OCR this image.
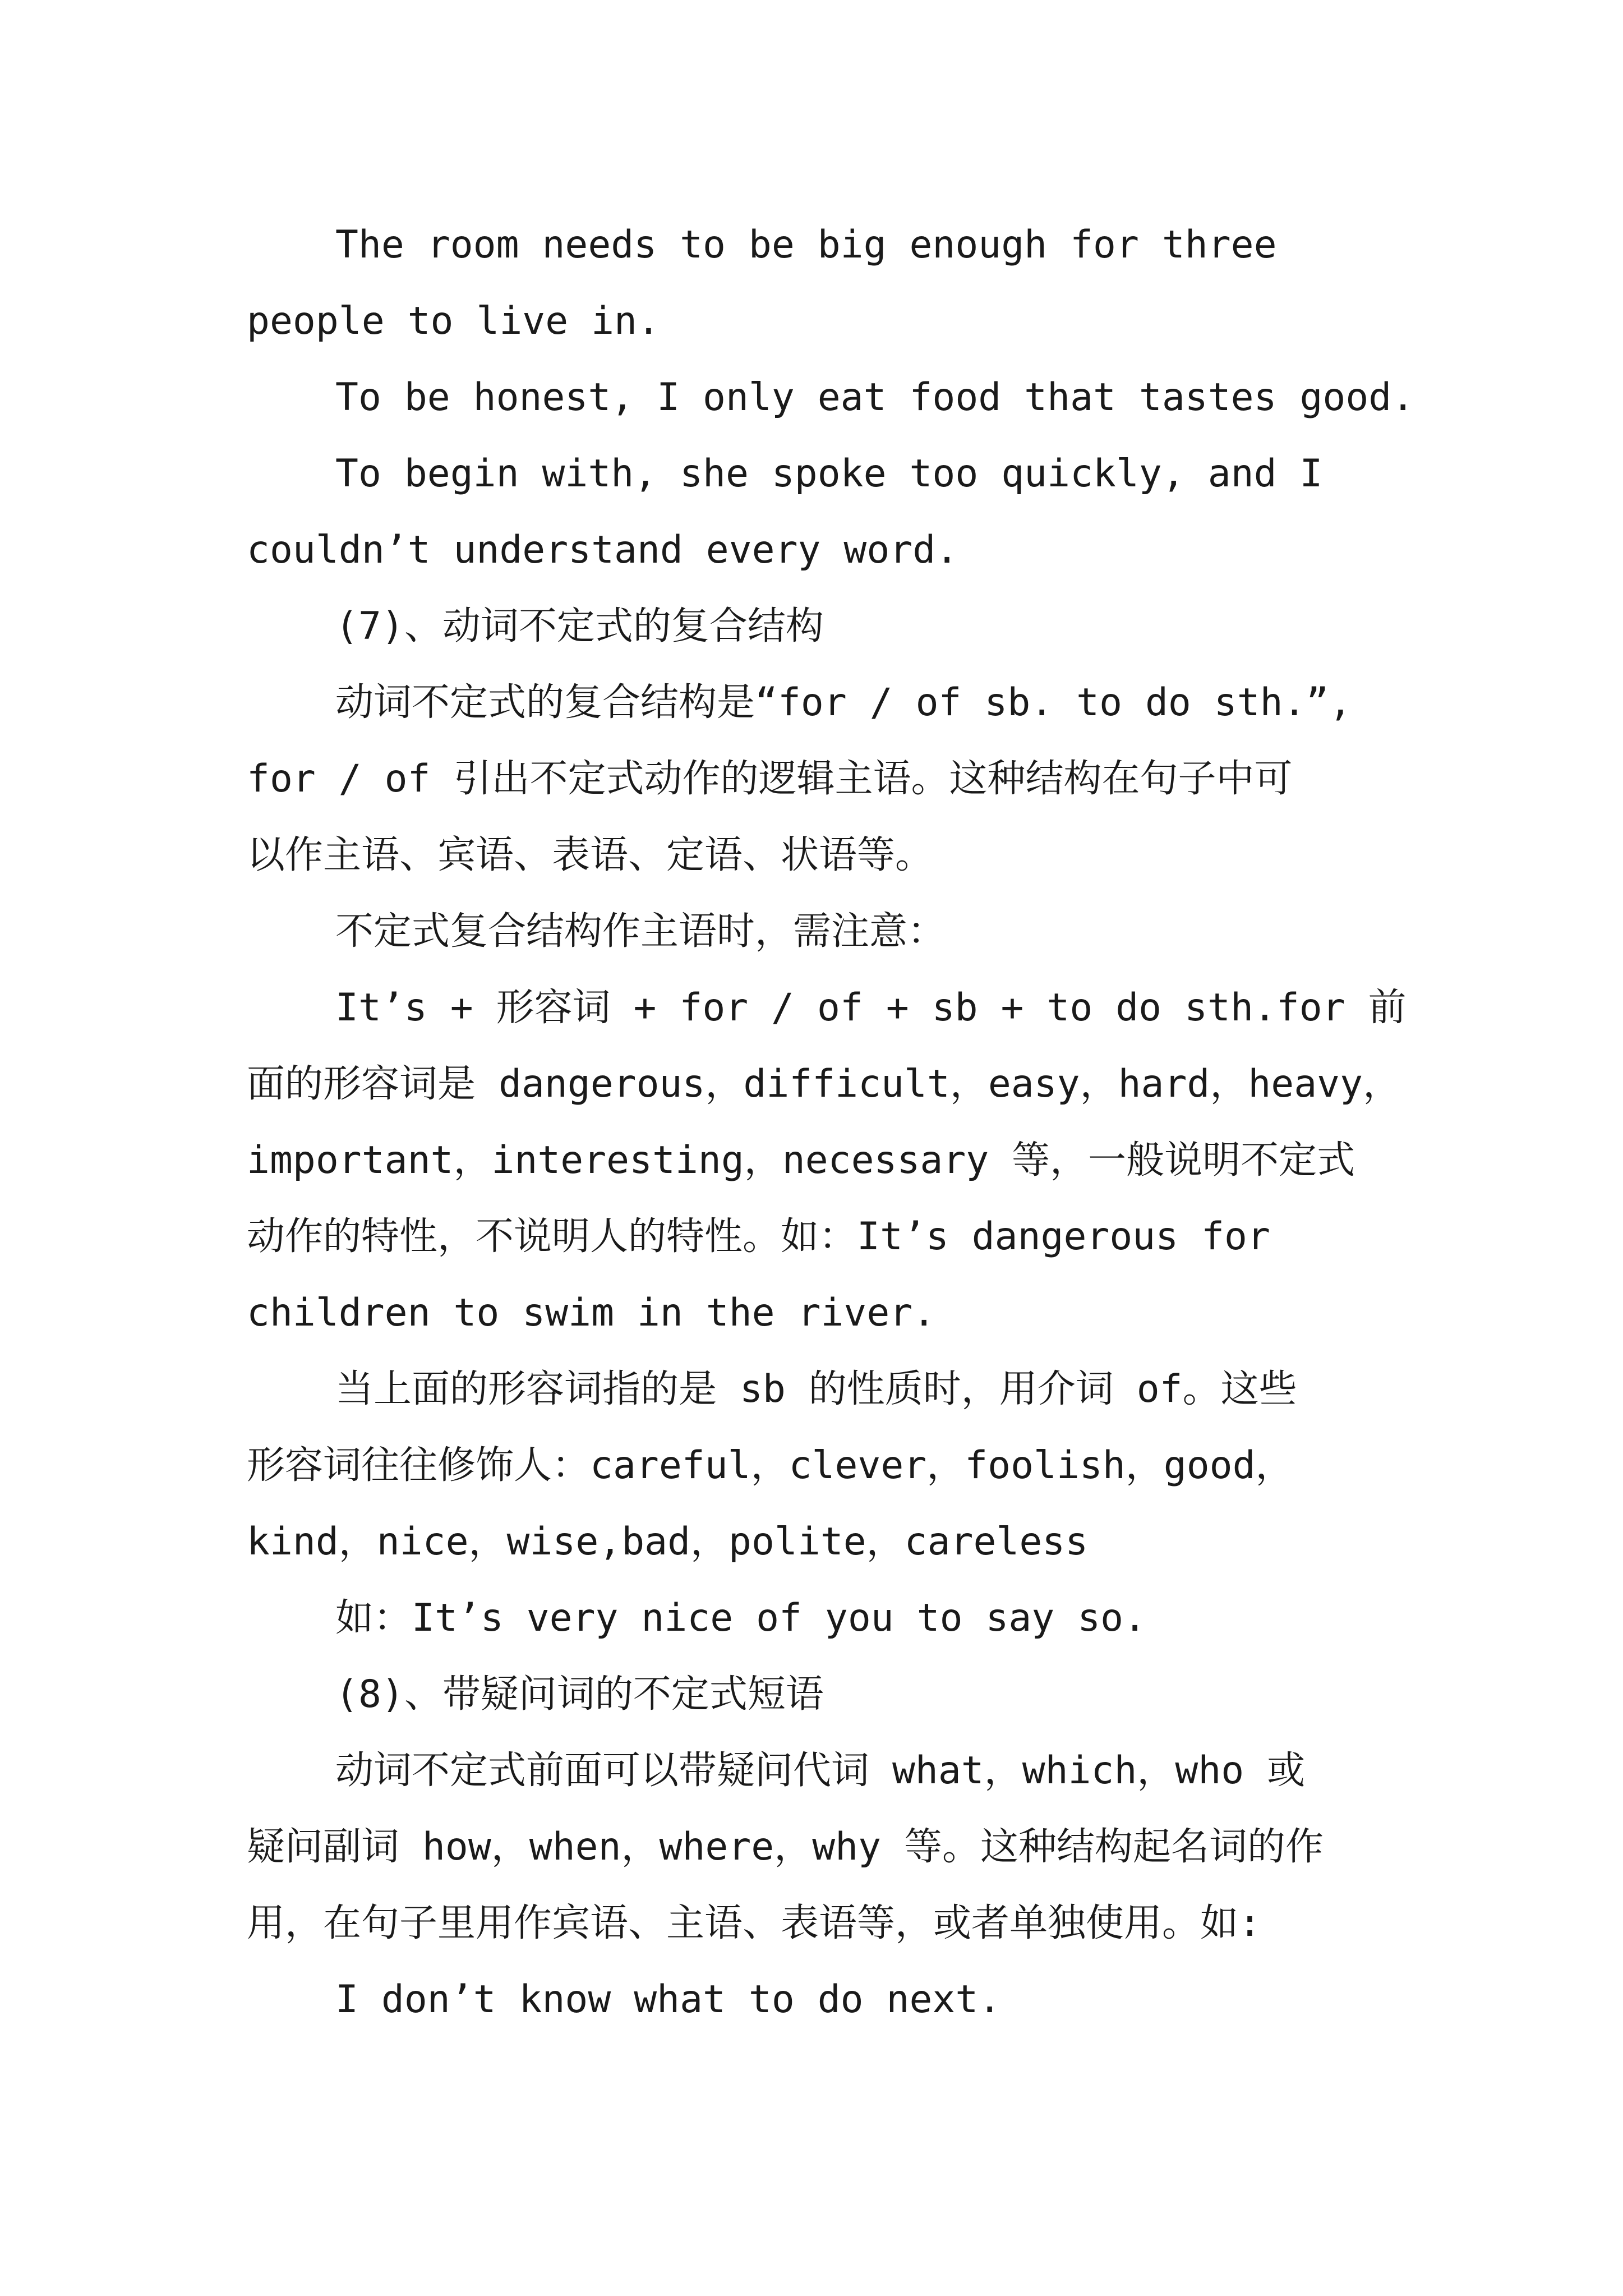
The room needs to be big enough for three
people to live in.
To be honest, I only eat food that tastes good.
To begin with, she spoke too quickly, and I
couldn’t understand every word.
(7)、动词不定式的复合结构
动词不定式的复合结构是“for / of sb. to do sth.”,
for / of 引出不定式动作的逻辑主语。这种结构在句子中可
以作主语、宾语、表语、定语、状语等。
不定式复合结构作主语时，需注意：
It’s + 形容词 + for / of + sb + to do sth.for 前
面的形容词是 dangerous，difficult，easy，hard，heavy，
important，interesting，necessary 等，一般说明不定式
动作的特性，不说明人的特性。如：It’s dangerous for
children to swim in the river.
当上面的形容词指的是 sb 的性质时，用介词 of。这些
形容词往往修饰人：careful，clever，foolish，good，
kind，nice，wise,bad，polite，careless
如：It’s very nice of you to say so.
(8)、带疑问词的不定式短语
动词不定式前面可以带疑问代词 what，which，who 或
疑问副词 how，when，where，why 等。这种结构起名词的作
用，在句子里用作宾语、主语、表语等，或者单独使用。如:
I don’t know what to do next.
